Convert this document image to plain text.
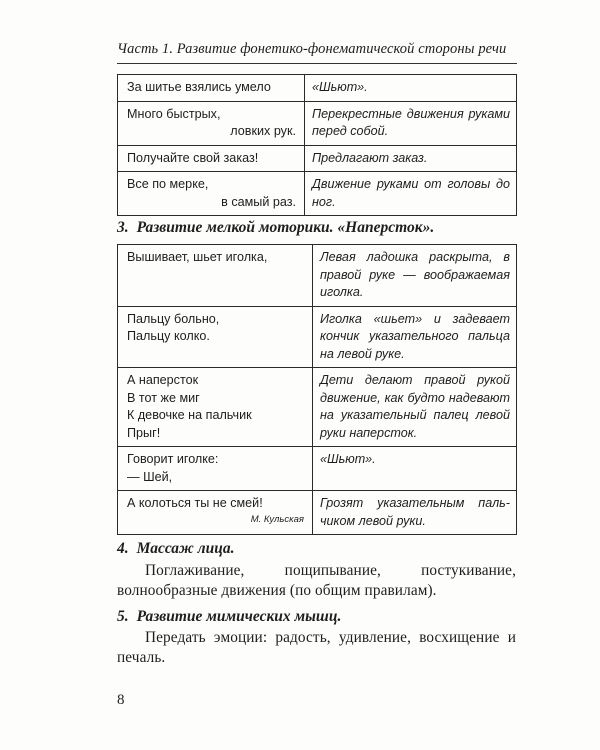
Часть 1. Развитие фонетико-фонематической стороны речи
За шитье взялись умело	«Шьют».
Много быстрых,
ловких рук.	Перекрестные движения руками перед собой.
Получайте свой заказ!	Предлагают заказ.
Все по мерке,
в самый раз.	Движение руками от головы до ног.
3. Развитие мелкой моторики. «Наперсток».
Вышивает, шьет иголка,	Левая ладошка раскрыта, в правой руке — воображаемая иголка.
Пальцу больно,
Пальцу колко.	Иголка «шьет» и задевает кончик указательного пальца на левой руке.
А наперсток
В тот же миг
К девочке на пальчик
Прыг!	Дети делают правой рукой движение, как будто надевают на указательный палец левой руки наперсток.
Говорит иголке:
— Шей,	«Шьют».
А колоться ты не смей!
М. Кульская	Грозят указательным пальчиком левой руки.
4. Массаж лица.
Поглаживание, пощипывание, постукивание, волнообразные движения (по общим правилам).
5. Развитие мимических мышц.
Передать эмоции: радость, удивление, восхищение и печаль.
8
